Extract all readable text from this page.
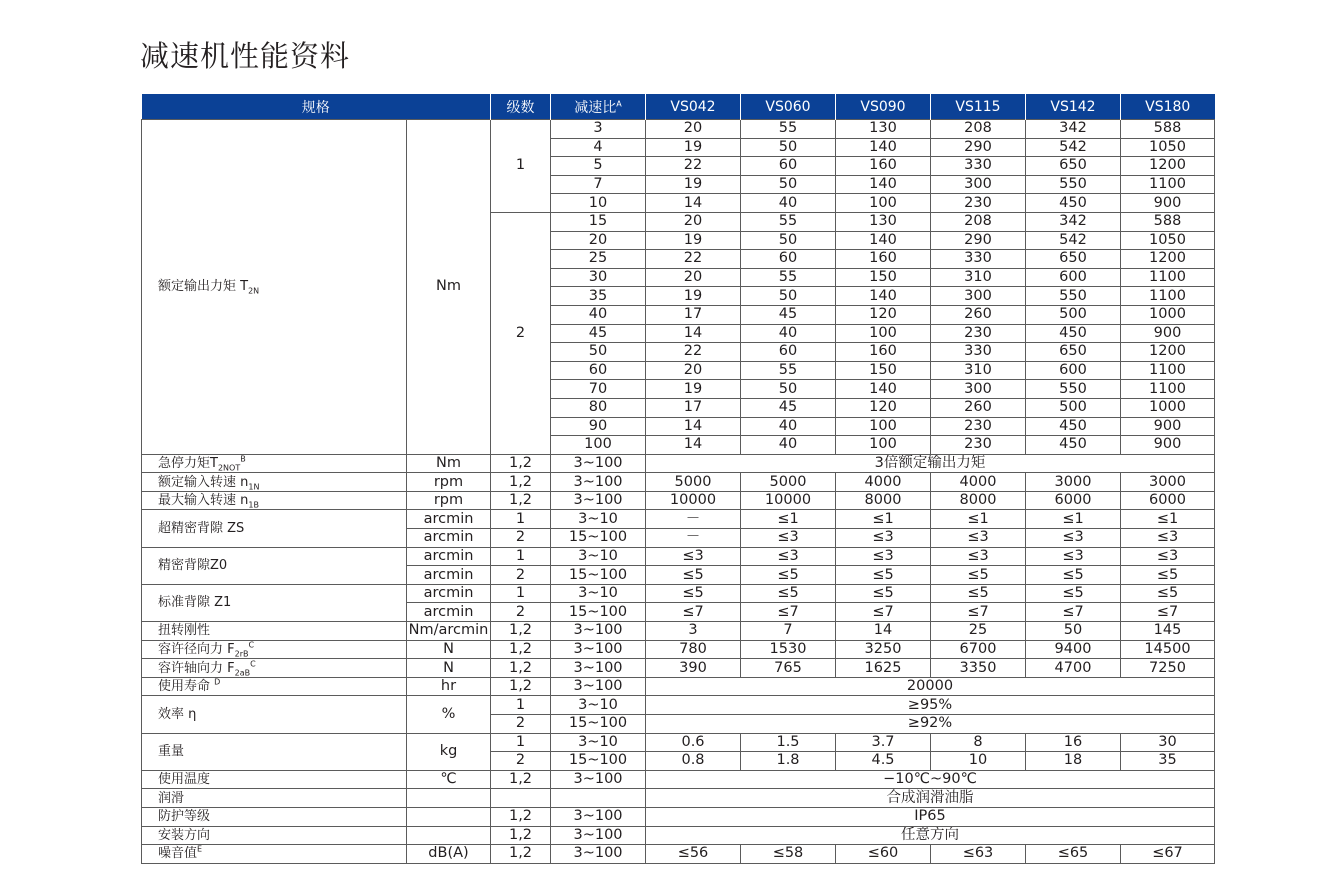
减速机性能资料
规格		级数	减速比$^A$	VS042	VS060	VS090	VS115	VS142	VS180
额定输出力矩 $T_{2N}$	Nm	1	3	20	55	130	208	342	588
			4	19	50	140	290	542	1050
			5	22	60	160	330	650	1200
			7	19	50	140	300	550	1100
			10	14	40	100	230	450	900
		2	15	20	55	130	208	342	588
			20	19	50	140	290	542	1050
			25	22	60	160	330	650	1200
			30	20	55	150	310	600	1100
			35	19	50	140	300	550	1100
			40	17	45	120	260	500	1000
			45	14	40	100	230	450	900
			50	22	60	160	330	650	1200
			60	20	55	150	310	600	1100
			70	19	50	140	300	550	1100
			80	17	45	120	260	500	1000
			90	14	40	100	230	450	900
			100	14	40	100	230	450	900
急停力矩$T_{2NOT}^B$	Nm	1,2	3~100	3倍额定输出力矩					
额定输入转速 $n_{1N}$	rpm	1,2	3~100	5000	5000	4000	4000	3000	3000
最大输入转速 $n_{1B}$	rpm	1,2	3~100	10000	10000	8000	8000	6000	6000
超精密背隙 ZS	arcmin	1	3~10	－	≤1	≤1	≤1	≤1	≤1
	arcmin	2	15~100	－	≤3	≤3	≤3	≤3	≤3
精密背隙Z0	arcmin	1	3~10	≤3	≤3	≤3	≤3	≤3	≤3
	arcmin	2	15~100	≤5	≤5	≤5	≤5	≤5	≤5
标准背隙 Z1	arcmin	1	3~10	≤5	≤5	≤5	≤5	≤5	≤5
	arcmin	2	15~100	≤7	≤7	≤7	≤7	≤7	≤7
扭转刚性	Nm/arcmin	1,2	3~100	3	7	14	25	50	145
容许径向力 $F_{2rB}^C$	N	1,2	3~100	780	1530	3250	6700	9400	14500
容许轴向力 $F_{2aB}^C$	N	1,2	3~100	390	765	1625	3350	4700	7250
使用寿命 $^D$	hr	1,2	3~100	20000					
效率 η	%	1	3~10	≥95%					
		2	15~100	≥92%					
重量	kg	1	3~10	0.6	1.5	3.7	8	16	30
		2	15~100	0.8	1.8	4.5	10	18	35
使用温度	℃	1,2	3~100	−10℃~90℃					
润滑				合成润滑油脂					
防护等级		1,2	3~100	IP65					
安装方向		1,2	3~100	任意方向					
噪音值$^E$	dB(A)	1,2	3~100	≤56	≤58	≤60	≤63	≤65	≤67
